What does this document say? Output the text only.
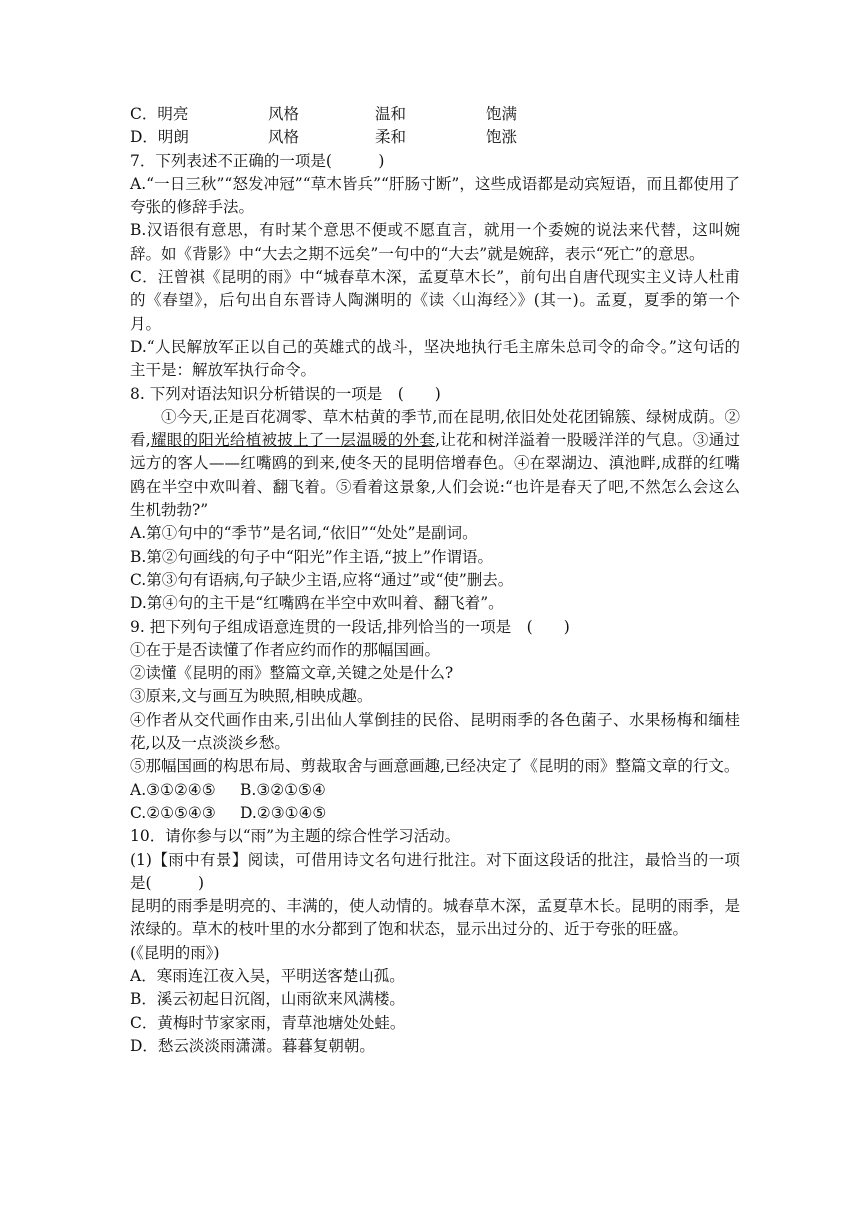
C．明亮	风格	温和	饱满
D．明朗	风格	柔和	饱涨
7．下列表述不正确的一项是(　　　)
A.“一日三秋”“怒发冲冠”“草木皆兵”“肝肠寸断”，这些成语都是动宾短语，而且都使用了夸张的修辞手法。
B.汉语很有意思，有时某个意思不便或不愿直言，就用一个委婉的说法来代替，这叫婉辞。如《背影》中“大去之期不远矣”一句中的“大去”就是婉辞，表示“死亡”的意思。
C．汪曾祺《昆明的雨》中“城春草木深，孟夏草木长”，前句出自唐代现实主义诗人杜甫的《春望》，后句出自东晋诗人陶渊明的《读〈山海经〉》(其一)。孟夏，夏季的第一个月。
D.“人民解放军正以自己的英雄式的战斗，坚决地执行毛主席朱总司令的命令。”这句话的主干是：解放军执行命令。
8. 下列对语法知识分析错误的一项是　(　　)
①今天,正是百花凋零、草木枯黄的季节,而在昆明,依旧处处花团锦簇、绿树成荫。②看,耀眼的阳光给植被披上了一层温暖的外套,让花和树洋溢着一股暖洋洋的气息。③通过远方的客人——红嘴鸥的到来,使冬天的昆明倍增春色。④在翠湖边、滇池畔,成群的红嘴鸥在半空中欢叫着、翻飞着。⑤看着这景象,人们会说:“也许是春天了吧,不然怎么会这么生机勃勃?”
A.第①句中的“季节”是名词,“依旧”“处处”是副词。
B.第②句画线的句子中“阳光”作主语,“披上”作谓语。
C.第③句有语病,句子缺少主语,应将“通过”或“使”删去。
D.第④句的主干是“红嘴鸥在半空中欢叫着、翻飞着”。
9. 把下列句子组成语意连贯的一段话,排列恰当的一项是　(　　)
①在于是否读懂了作者应约而作的那幅国画。
②读懂《昆明的雨》整篇文章,关键之处是什么?
③原来,文与画互为映照,相映成趣。
④作者从交代画作由来,引出仙人掌倒挂的民俗、昆明雨季的各色菌子、水果杨梅和缅桂花,以及一点淡淡乡愁。
⑤那幅国画的构思布局、剪裁取舍与画意画趣,已经决定了《昆明的雨》整篇文章的行文。
A.③①②④⑤ B.③②①⑤④
C.②①⑤④③ D.②③①④⑤
10．请你参与以“雨”为主题的综合性学习活动。
(1)【雨中有景】阅读，可借用诗文名句进行批注。对下面这段话的批注，最恰当的一项是(　　　)
昆明的雨季是明亮的、丰满的，使人动情的。城春草木深，孟夏草木长。昆明的雨季，是浓绿的。草木的枝叶里的水分都到了饱和状态，显示出过分的、近于夸张的旺盛。
(《昆明的雨》)
A．寒雨连江夜入吴，平明送客楚山孤。
B．溪云初起日沉阁，山雨欲来风满楼。
C．黄梅时节家家雨，青草池塘处处蛙。
D．愁云淡淡雨潇潇。暮暮复朝朝。
